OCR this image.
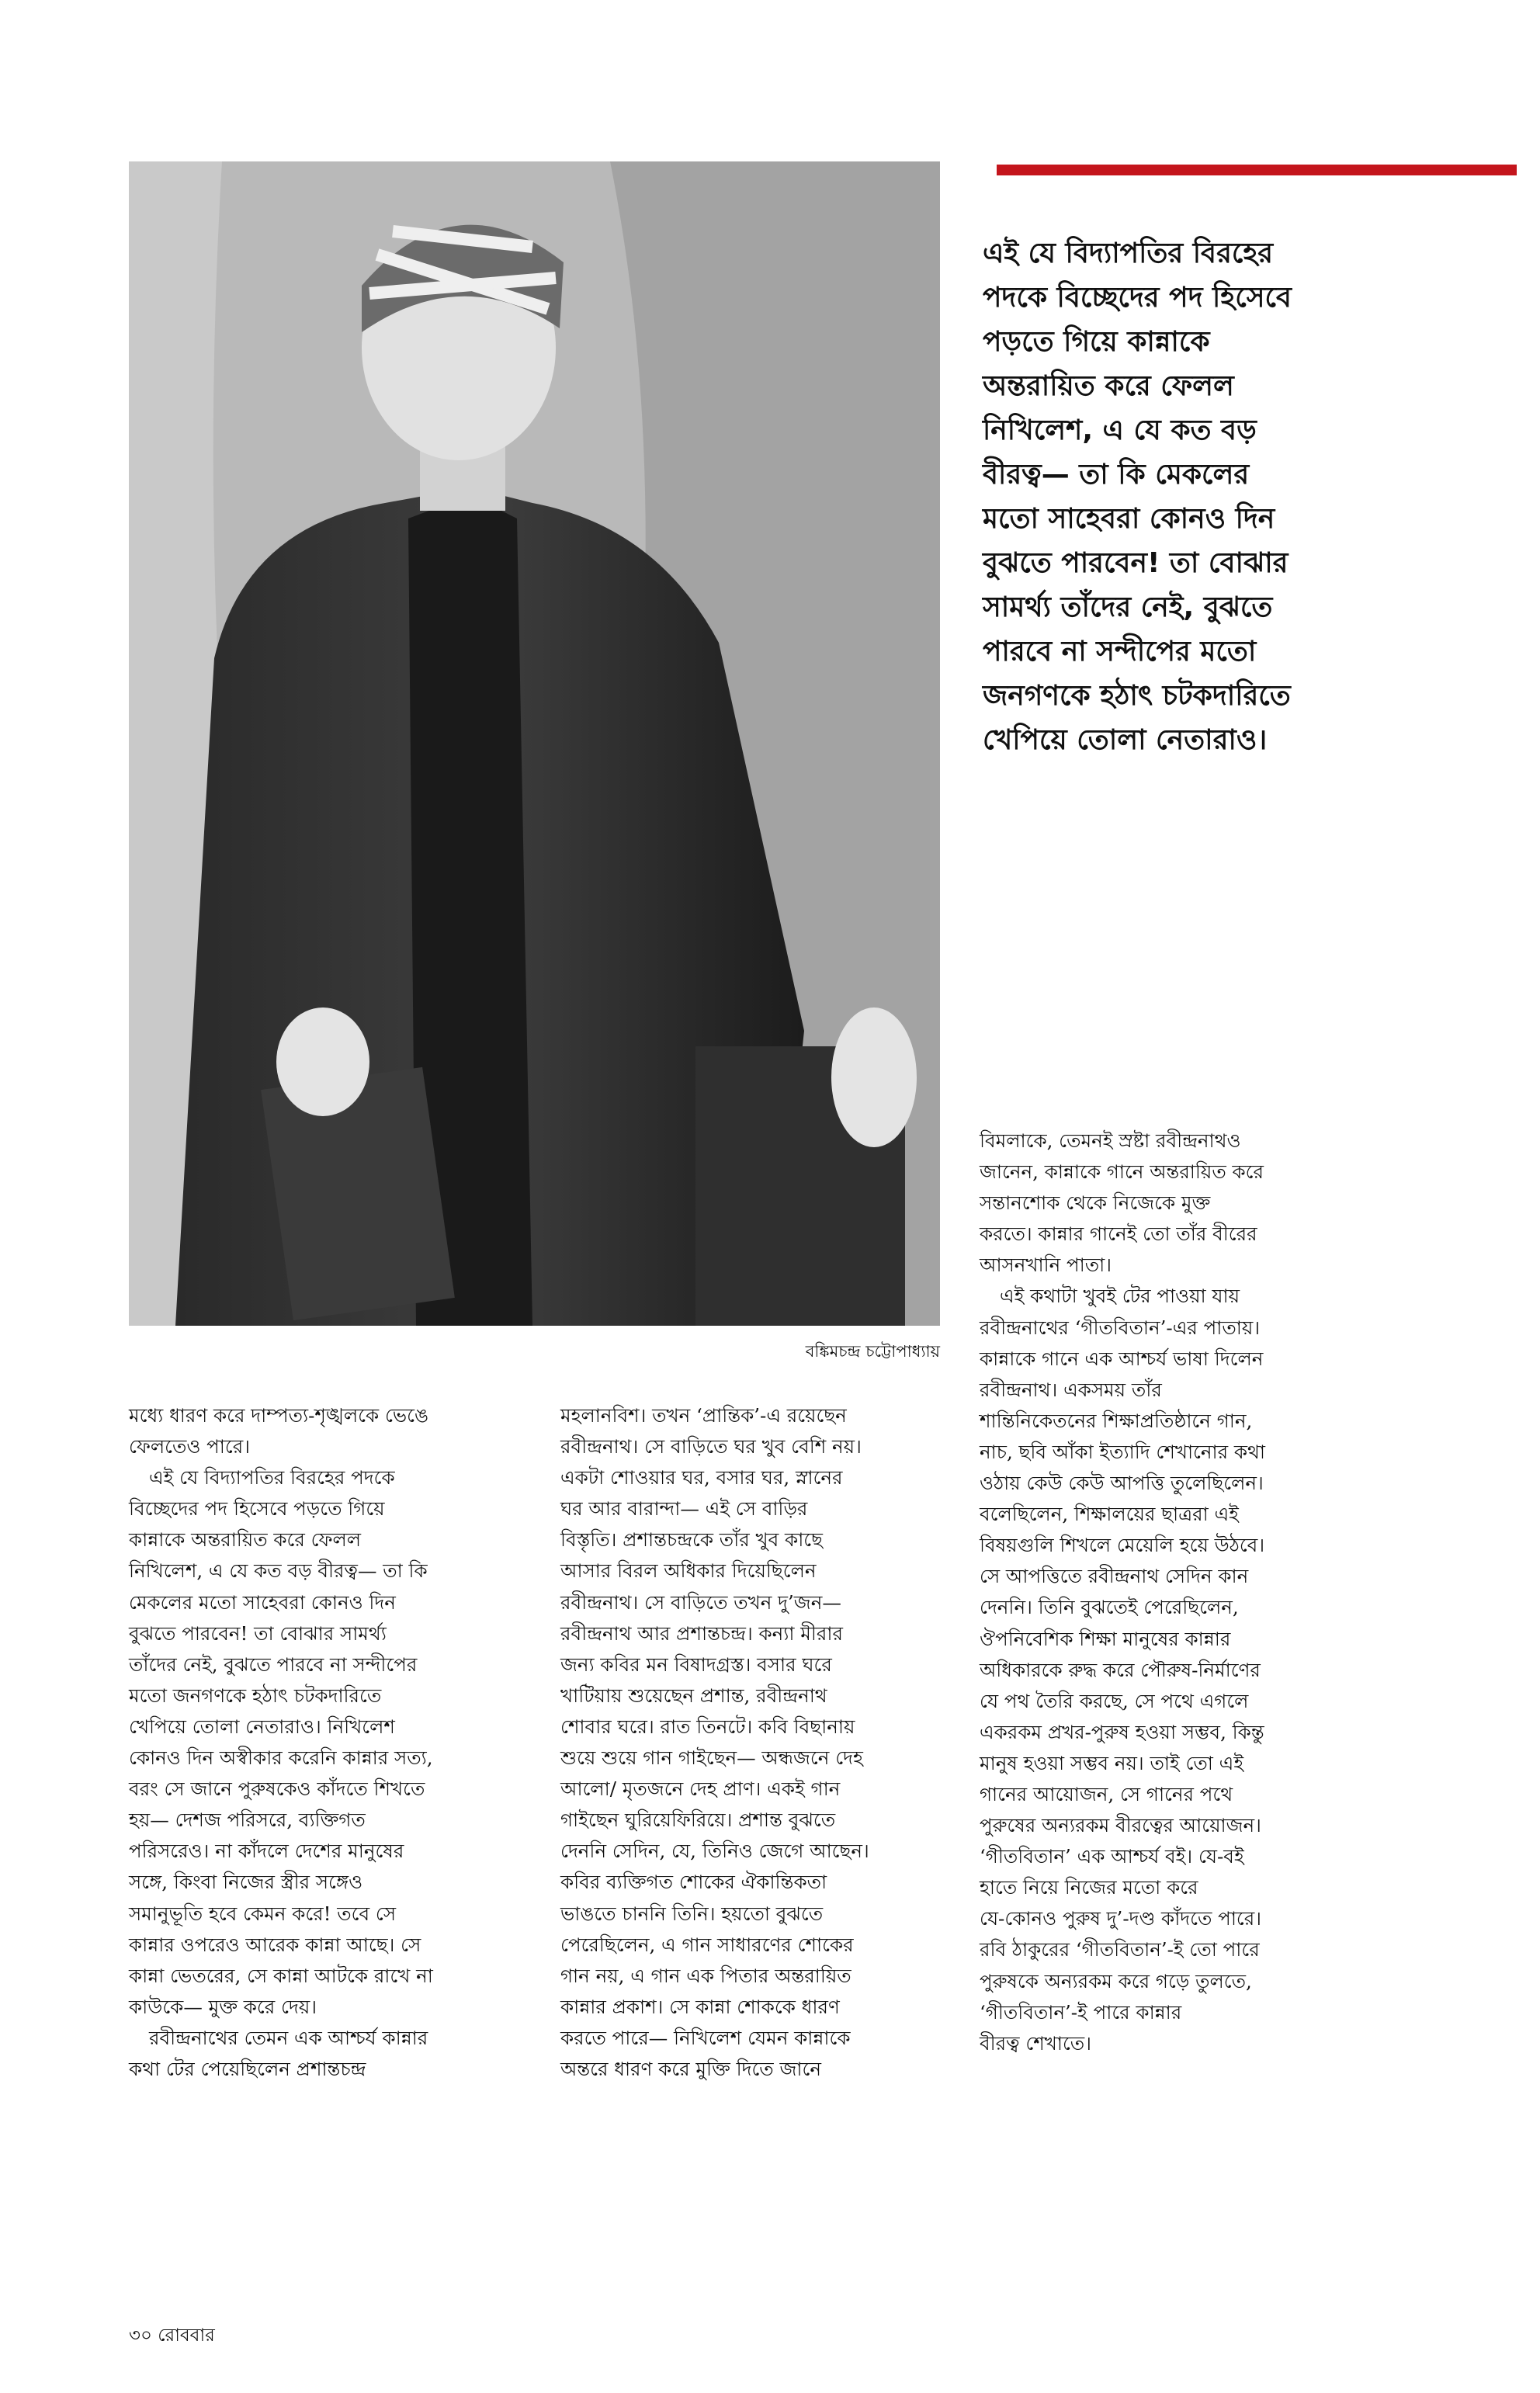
বঙ্কিমচন্দ্র চট্টোপাধ্যায়
এই যে বিদ্যাপতির বিরহের
পদকে বিচ্ছেদের পদ হিসেবে
পড়তে গিয়ে কান্নাকে
অন্তরায়িত করে ফেলল
নিখিলেশ, এ যে কত বড়
বীরত্ব— তা কি মেকলের
মতো সাহেবরা কোনও দিন
বুঝতে পারবেন! তা বোঝার
সামর্থ্য তাঁদের নেই, বুঝতে
পারবে না সন্দীপের মতো
জনগণকে হঠাৎ চটকদারিতে
খেপিয়ে তোলা নেতারাও।
মধ্যে ধারণ করে দাম্পত্য-শৃঙ্খলকে ভেঙে
ফেলতেও পারে।
এই যে বিদ্যাপতির বিরহের পদকে
বিচ্ছেদের পদ হিসেবে পড়তে গিয়ে
কান্নাকে অন্তরায়িত করে ফেলল
নিখিলেশ, এ যে কত বড় বীরত্ব— তা কি
মেকলের মতো সাহেবরা কোনও দিন
বুঝতে পারবেন! তা বোঝার সামর্থ্য
তাঁদের নেই, বুঝতে পারবে না সন্দীপের
মতো জনগণকে হঠাৎ চটকদারিতে
খেপিয়ে তোলা নেতারাও। নিখিলেশ
কোনও দিন অস্বীকার করেনি কান্নার সত্য,
বরং সে জানে পুরুষকেও কাঁদতে শিখতে
হয়— দেশজ পরিসরে, ব্যক্তিগত
পরিসরেও। না কাঁদলে দেশের মানুষের
সঙ্গে, কিংবা নিজের স্ত্রীর সঙ্গেও
সমানুভূতি হবে কেমন করে! তবে সে
কান্নার ওপরেও আরেক কান্না আছে। সে
কান্না ভেতরের, সে কান্না আটকে রাখে না
কাউকে— মুক্ত করে দেয়।
রবীন্দ্রনাথের তেমন এক আশ্চর্য কান্নার
কথা টের পেয়েছিলেন প্রশান্তচন্দ্র
মহলানবিশ। তখন ‘প্রান্তিক’-এ রয়েছেন
রবীন্দ্রনাথ। সে বাড়িতে ঘর খুব বেশি নয়।
একটা শোওয়ার ঘর, বসার ঘর, স্নানের
ঘর আর বারান্দা— এই সে বাড়ির
বিস্তৃতি। প্রশান্তচন্দ্রকে তাঁর খুব কাছে
আসার বিরল অধিকার দিয়েছিলেন
রবীন্দ্রনাথ। সে বাড়িতে তখন দু’জন—
রবীন্দ্রনাথ আর প্রশান্তচন্দ্র। কন্যা মীরার
জন্য কবির মন বিষাদগ্রস্ত। বসার ঘরে
খাটিয়ায় শুয়েছেন প্রশান্ত, রবীন্দ্রনাথ
শোবার ঘরে। রাত তিনটে। কবি বিছানায়
শুয়ে শুয়ে গান গাইছেন— অন্ধজনে দেহ
আলো/ মৃতজনে দেহ প্রাণ। একই গান
গাইছেন ঘুরিয়েফিরিয়ে। প্রশান্ত বুঝতে
দেননি সেদিন, যে, তিনিও জেগে আছেন।
কবির ব্যক্তিগত শোকের ঐকান্তিকতা
ভাঙতে চাননি তিনি। হয়তো বুঝতে
পেরেছিলেন, এ গান সাধারণের শোকের
গান নয়, এ গান এক পিতার অন্তরায়িত
কান্নার প্রকাশ। সে কান্না শোককে ধারণ
করতে পারে— নিখিলেশ যেমন কান্নাকে
অন্তরে ধারণ করে মুক্তি দিতে জানে
বিমলাকে, তেমনই স্রষ্টা রবীন্দ্রনাথও
জানেন, কান্নাকে গানে অন্তরায়িত করে
সন্তানশোক থেকে নিজেকে মুক্ত
করতে। কান্নার গানেই তো তাঁর বীরের
আসনখানি পাতা।
এই কথাটা খুবই টের পাওয়া যায়
রবীন্দ্রনাথের ‘গীতবিতান’-এর পাতায়।
কান্নাকে গানে এক আশ্চর্য ভাষা দিলেন
রবীন্দ্রনাথ। একসময় তাঁর
শান্তিনিকেতনের শিক্ষাপ্রতিষ্ঠানে গান,
নাচ, ছবি আঁকা ইত্যাদি শেখানোর কথা
ওঠায় কেউ কেউ আপত্তি তুলেছিলেন।
বলেছিলেন, শিক্ষালয়ের ছাত্ররা এই
বিষয়গুলি শিখলে মেয়েলি হয়ে উঠবে।
সে আপত্তিতে রবীন্দ্রনাথ সেদিন কান
দেননি। তিনি বুঝতেই পেরেছিলেন,
ঔপনিবেশিক শিক্ষা মানুষের কান্নার
অধিকারকে রুদ্ধ করে পৌরুষ-নির্মাণের
যে পথ তৈরি করছে, সে পথে এগলে
একরকম প্রখর-পুরুষ হওয়া সম্ভব, কিন্তু
মানুষ হওয়া সম্ভব নয়। তাই তো এই
গানের আয়োজন, সে গানের পথে
পুরুষের অন্যরকম বীরত্বের আয়োজন।
‘গীতবিতান’ এক আশ্চর্য বই। যে-বই
হাতে নিয়ে নিজের মতো করে
যে-কোনও পুরুষ দু’-দণ্ড কাঁদতে পারে।
রবি ঠাকুরের ‘গীতবিতান’-ই তো পারে
পুরুষকে অন্যরকম করে গড়ে তুলতে,
‘গীতবিতান’-ই পারে কান্নার
বীরত্ব শেখাতে।
৩০ রোববার
